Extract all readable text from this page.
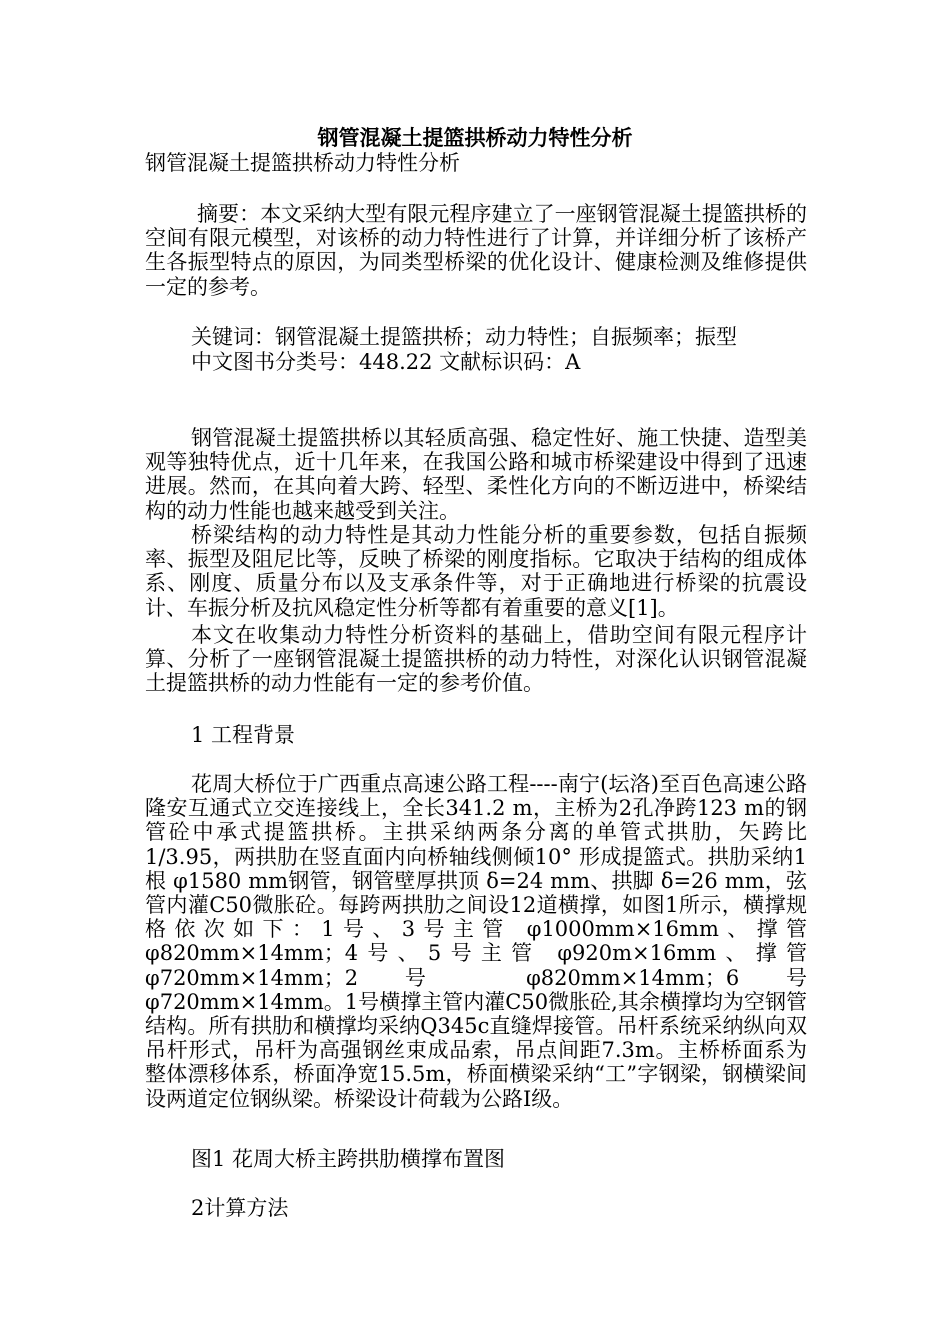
钢管混凝土提篮拱桥动力特性分析

钢管混凝土提篮拱桥动力特性分析

摘要：本文采纳大型有限元程序建立了一座钢管混凝土提篮拱桥的空间有限元模型，对该桥的动力特性进行了计算，并详细分析了该桥产生各振型特点的原因，为同类型桥梁的优化设计、健康检测及维修提供一定的参考。

关键词：钢管混凝土提篮拱桥；动力特性；自振频率；振型

中文图书分类号：448.22 文献标识码：A

钢管混凝土提篮拱桥以其轻质高强、稳定性好、施工快捷、造型美观等独特优点，近十几年来，在我国公路和城市桥梁建设中得到了迅速进展。然而，在其向着大跨、轻型、柔性化方向的不断迈进中，桥梁结构的动力性能也越来越受到关注。

桥梁结构的动力特性是其动力性能分析的重要参数，包括自振频率、振型及阻尼比等，反映了桥梁的刚度指标。它取决于结构的组成体系、刚度、质量分布以及支承条件等，对于正确地进行桥梁的抗震设计、车振分析及抗风稳定性分析等都有着重要的意义[1]。

本文在收集动力特性分析资料的基础上，借助空间有限元程序计算、分析了一座钢管混凝土提篮拱桥的动力特性，对深化认识钢管混凝土提篮拱桥的动力性能有一定的参考价值。

1 工程背景

花周大桥位于广西重点高速公路工程----南宁(坛洛)至百色高速公路隆安互通式立交连接线上，全长341.2 m，主桥为2孔净跨123 m的钢管砼中承式提篮拱桥。主拱采纳两条分离的单管式拱肋，矢跨比1/3.95，两拱肋在竖直面内向桥轴线侧倾10° 形成提篮式。拱肋采纳1根 φ1580 mm钢管，钢管壁厚拱顶 δ=24 mm、拱脚 δ=26 mm，弦管内灌C50微胀砼。每跨两拱肋之间设12道横撑，如图1所示，横撑规格依次如下：1号、3号主管 φ1000mm×16mm、撑管 φ820mm×14mm；4号、5号主管 φ920m×16mm、撑管 φ720mm×14mm；2号 φ820mm×14mm；6号 φ720mm×14mm。1号横撑主管内灌C50微胀砼,其余横撑均为空钢管结构。所有拱肋和横撑均采纳Q345c直缝焊接管。吊杆系统采纳纵向双吊杆形式，吊杆为高强钢丝束成品索，吊点间距7.3m。主桥桥面系为整体漂移体系，桥面净宽15.5m，桥面横梁采纳“工”字钢梁，钢横梁间设两道定位钢纵梁。桥梁设计荷载为公路Ⅰ级。

图1 花周大桥主跨拱肋横撑布置图

2计算方法
